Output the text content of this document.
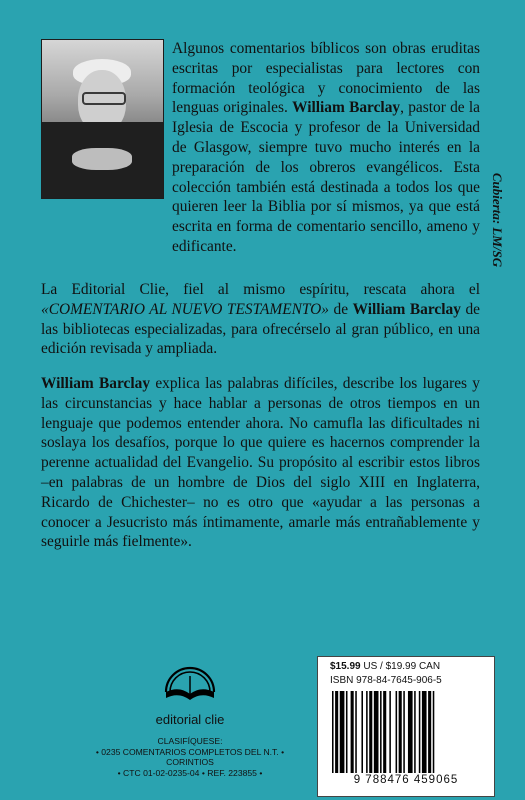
Algunos comentarios bíblicos son obras eruditas escritas por especialistas para lectores con formación teológica y conocimiento de las lenguas originales. William Barclay, pastor de la Iglesia de Escocia y profesor de la Universidad de Glasgow, siempre tuvo mucho interés en la preparación de los obreros evangélicos. Esta colección también está destinada a todos los que quieren leer la Biblia por sí mismos, ya que está escrita en forma de comentario sencillo, ameno y edificante.

La Editorial Clie, fiel al mismo espíritu, rescata ahora el «COMENTARIO AL NUEVO TESTAMENTO» de William Barclay de las bibliotecas especializadas, para ofrecérselo al gran público, en una edición revisada y ampliada.

William Barclay explica las palabras difíciles, describe los lugares y las circunstancias y hace hablar a personas de otros tiempos en un lenguaje que podemos entender ahora. No camufla las dificultades ni soslaya los desafíos, porque lo que quiere es hacernos comprender la perenne actualidad del Evangelio. Su propósito al escribir estos libros –en palabras de un hombre de Dios del siglo XIII en Inglaterra, Ricardo de Chichester– no es otro que «ayudar a las personas a conocer a Jesucristo más íntimamente, amarle más entrañablemente y seguirle más fielmente».

Cubierta: LM/SG
editorial clie
CLASIFÍQUESE:
• 0235 COMENTARIOS COMPLETOS DEL N.T. •
CORINTIOS
• CTC 01-02-0235-04 • REF. 223855 •
$15.99 US / $19.99 CAN
ISBN 978-84-7645-906-5
9 788476 459065
